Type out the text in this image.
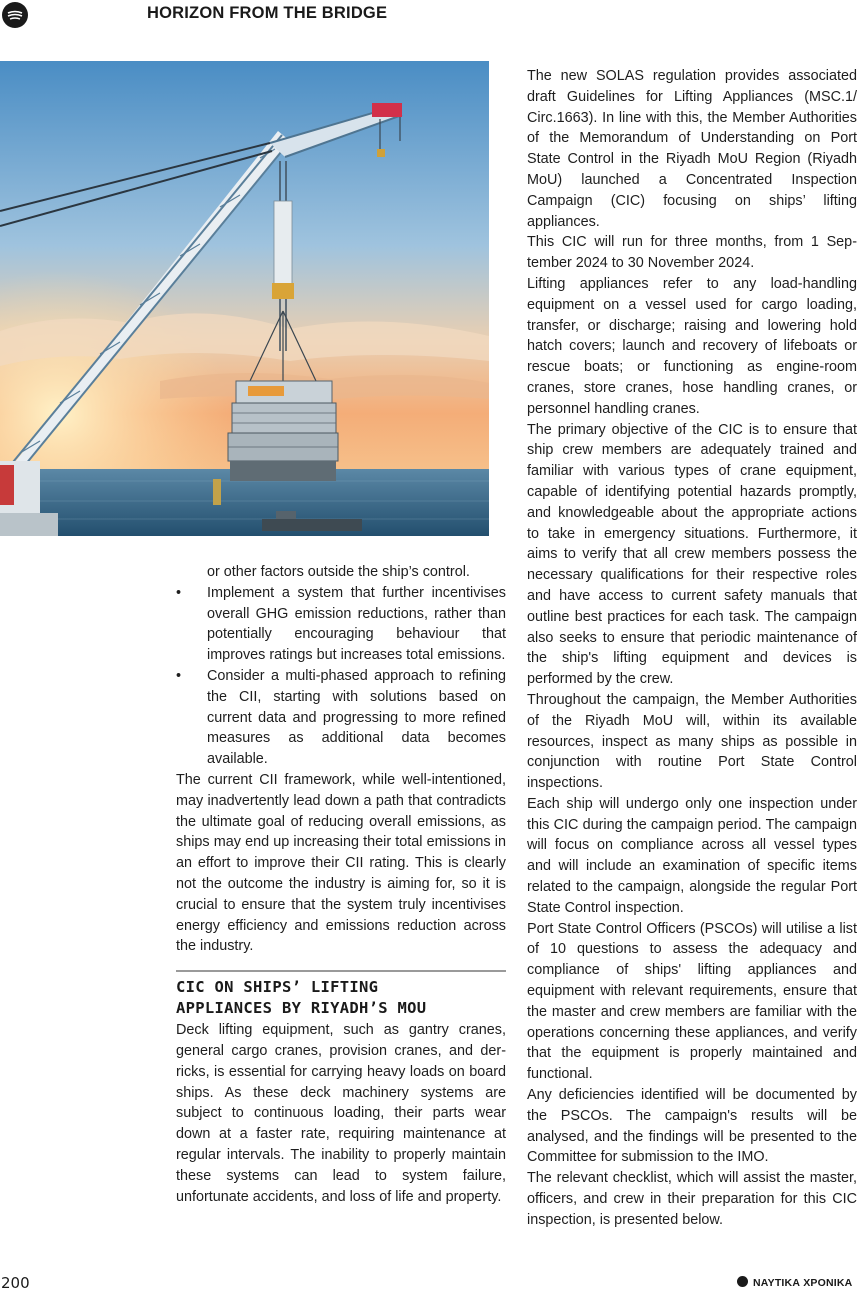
HORIZON FROM THE BRIDGE
or other factors outside the ship’s control.
• Implement a system that further incentivises overall GHG emission reductions, rather than potentially encouraging behaviour that improves ratings but increases total emissions.
• Consider a multi-phased approach to refining the CII, starting with solutions based on current data and progressing to more refined measures as additional data becomes available.

The current CII framework, while well-intentioned, may inadvertently lead down a path that contradicts the ultimate goal of reducing overall emissions, as ships may end up increasing their total emissions in an effort to improve their CII rating. This is clearly not the outcome the industry is aiming for, so it is crucial to ensure that the system truly incentivises energy efficiency and emissions reduction across the industry.

CIC ON SHIPS’ LIFTING
APPLIANCES BY RIYADH’S MOU

Deck lifting equipment, such as gantry cranes, general cargo cranes, provision cranes, and derricks, is essential for carrying heavy loads on board ships. As these deck machinery systems are subject to continuous loading, their parts wear down at a faster rate, requiring maintenance at regular intervals. The inability to properly maintain these systems can lead to system failure, unfortunate accidents, and loss of life and property.

The new SOLAS regulation provides associated draft Guidelines for Lifting Appliances (MSC.1/​Circ.1663). In line with this, the Member Authorities of the Memorandum of Understanding on Port State Control in the Riyadh MoU Region (Riyadh MoU) launched a Concentrated Inspection Campaign (CIC) focusing on ships’ lifting appliances.

This CIC will run for three months, from 1 September 2024 to 30 November 2024.

Lifting appliances refer to any load-handling equipment on a vessel used for cargo loading, transfer, or discharge; raising and lowering hold hatch covers; launch and recovery of lifeboats or rescue boats; or functioning as engine-room cranes, store cranes, hose handling cranes, or personnel handling cranes.

The primary objective of the CIC is to ensure that ship crew members are adequately trained and familiar with various types of crane equipment, capable of identifying potential hazards promptly, and knowledgeable about the appropriate actions to take in emergency situations. Furthermore, it aims to verify that all crew members possess the necessary qualifications for their respective roles and have access to current safety manuals that outline best practices for each task. The campaign also seeks to ensure that periodic maintenance of the ship's lifting equipment and devices is performed by the crew.

Throughout the campaign, the Member Authorities of the Riyadh MoU will, within its available resources, inspect as many ships as possible in conjunction with routine Port State Control inspections.

Each ship will undergo only one inspection under this CIC during the campaign period. The campaign will focus on compliance across all vessel types and will include an examination of specific items related to the campaign, alongside the regular Port State Control inspection.

Port State Control Officers (PSCOs) will utilise a list of 10 questions to assess the adequacy and compliance of ships' lifting appliances and equipment with relevant requirements, ensure that the master and crew members are familiar with the operations concerning these appliances, and verify that the equipment is properly maintained and functional.

Any deficiencies identified will be documented by the PSCOs. The campaign's results will be analysed, and the findings will be presented to the Committee for submission to the IMO.

The relevant checklist, which will assist the master, officers, and crew in their preparation for this CIC inspection, is presented below.

200	ΝΑΥΤΙΚΑ ΧΡΟΝΙΚΑ
